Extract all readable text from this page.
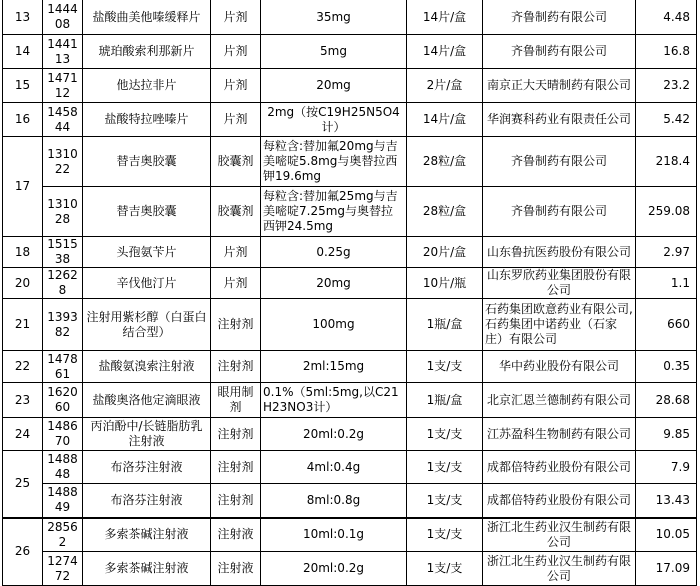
13	144408	盐酸曲美他嗪缓释片	片剂	35mg	14片/盒	齐鲁制药有限公司	4.48
14	144113	琥珀酸索利那新片	片剂	5mg	14片/盒	齐鲁制药有限公司	16.8
15	147112	他达拉非片	片剂	20mg	2片/盒	南京正大天晴制药有限公司	23.2
16	145844	盐酸特拉唑嗪片	片剂	2mg（按C19H25N5O4计）	14片/盒	华润赛科药业有限责任公司	5.42
17	131022	替吉奥胶囊	胶囊剂	每粒含:替加氟20mg与吉美嘧啶5.8mg与奥替拉西钾19.6mg	28粒/盒	齐鲁制药有限公司	218.4
	131028	替吉奥胶囊	胶囊剂	每粒含:替加氟25mg与吉美嘧啶7.25mg与奥替拉西钾24.5mg	28粒/盒	齐鲁制药有限公司	259.08
18	151538	头孢氨苄片	片剂	0.25g	20片/盒	山东鲁抗医药股份有限公司	2.97
20	12628	辛伐他汀片	片剂	20mg	10片/瓶	山东罗欣药业集团股份有限公司	1.1
21	139382	注射用紫杉醇（白蛋白结合型）	注射剂	100mg	1瓶/盒	石药集团欧意药业有限公司,石药集团中诺药业（石家庄）有限公司	660
22	147861	盐酸氨溴索注射液	注射剂	2ml:15mg	1支/支	华中药业股份有限公司	0.35
23	162060	盐酸奥洛他定滴眼液	眼用制剂	0.1%（5ml:5mg,以C21H23NO3计）	1瓶/盒	北京汇恩兰德制药有限公司	28.68
24	148670	丙泊酚中/长链脂肪乳注射液	注射剂	20ml:0.2g	1支/支	江苏盈科生物制药有限公司	9.85
25	148848	布洛芬注射液	注射剂	4ml:0.4g	1支/支	成都倍特药业股份有限公司	7.9
	148849	布洛芬注射液	注射剂	8ml:0.8g	1支/支	成都倍特药业股份有限公司	13.43
26	28562	多索茶碱注射液	注射液	10ml:0.1g	1支/支	浙江北生药业汉生制药有限公司	10.05
	127472	多索茶碱注射液	注射液	20ml:0.2g	1支/支	浙江北生药业汉生制药有限公司	17.09
